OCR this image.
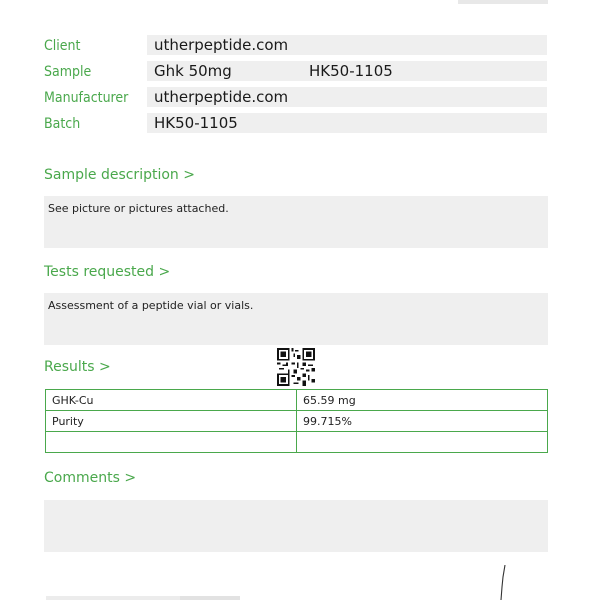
Client	utherpeptide.com
Sample	Ghk 50mg	HK50-1105
Manufacturer utherpeptide.com
Batch	HK50-1105
Sample description >
See picture or pictures attached.
Tests requested >
Assessment of a peptide vial or vials.
Results >
GHK-Cu	65.59 mg
Purity	99.715%

Comments >
